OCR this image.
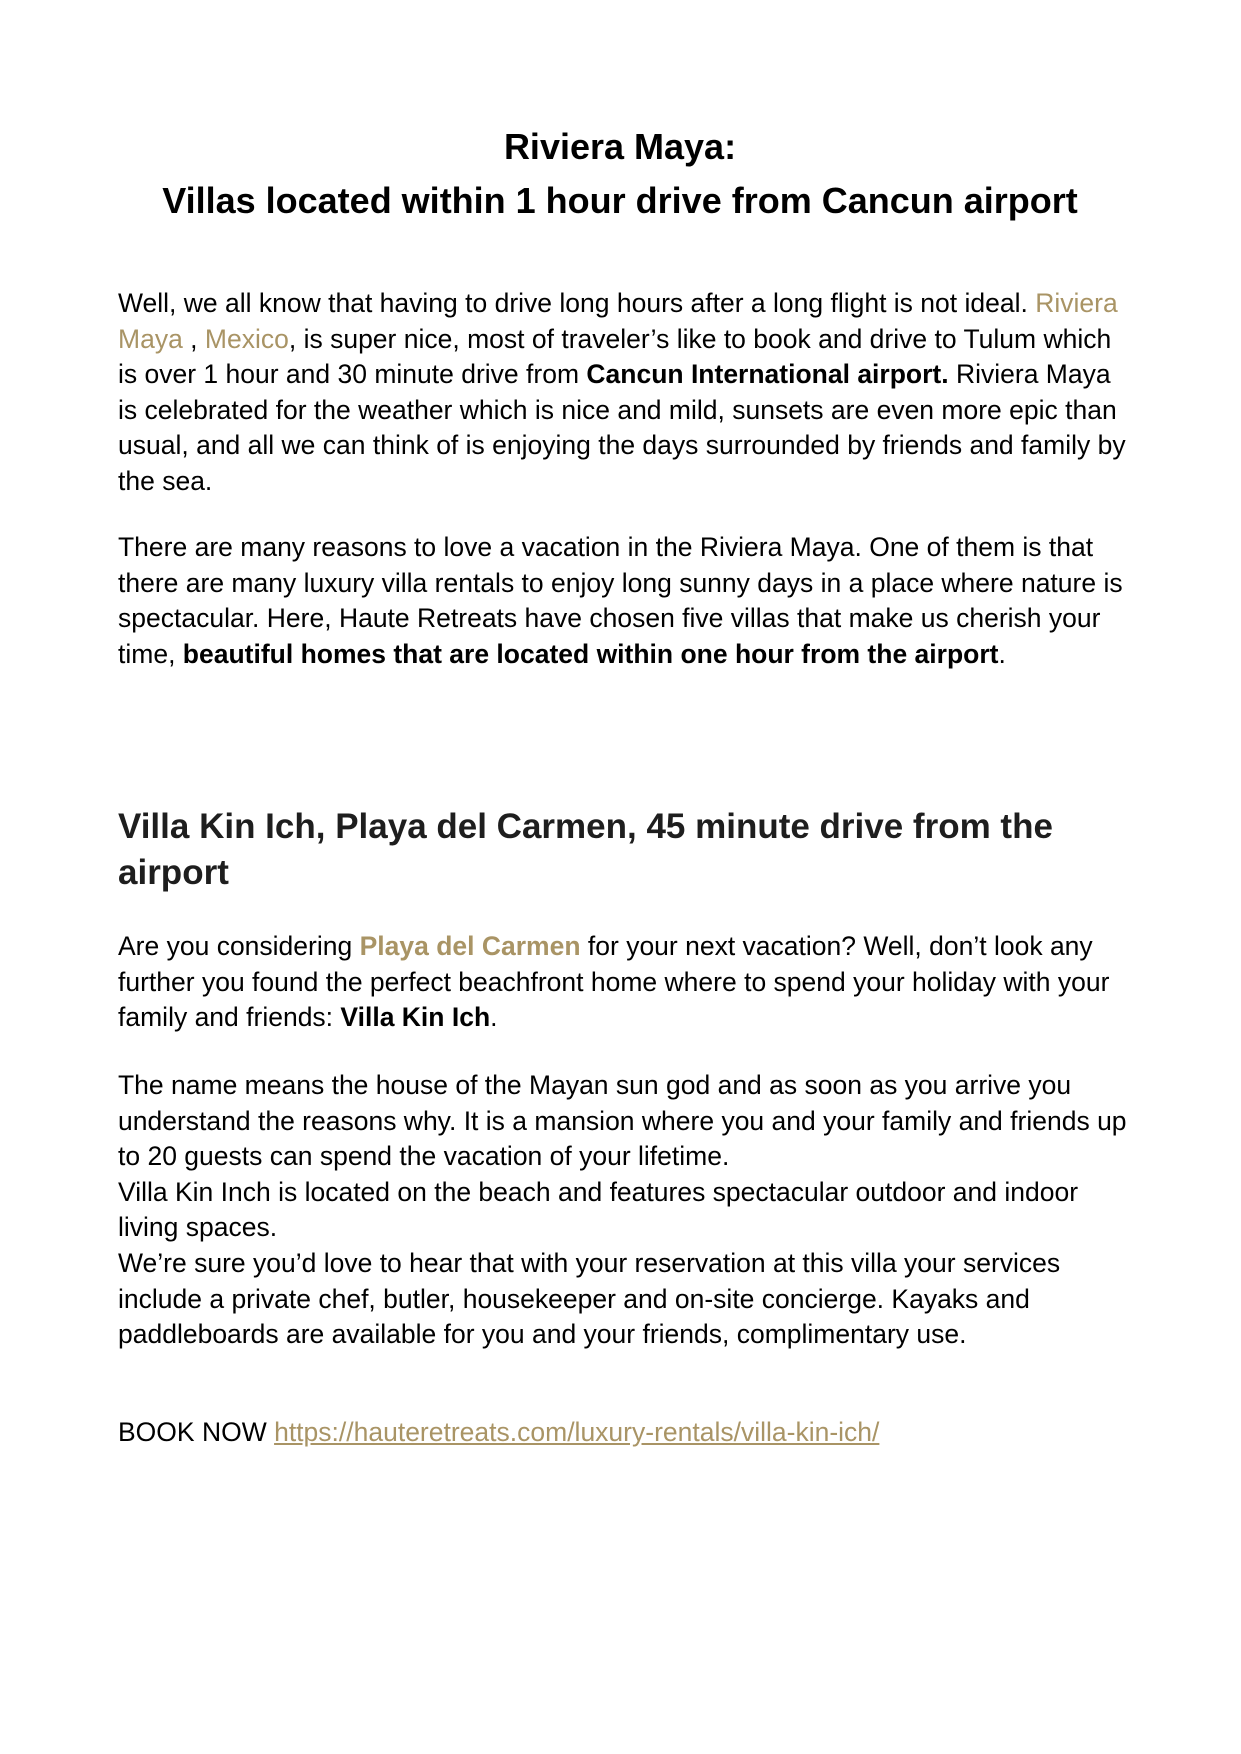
Riviera Maya:
Villas located within 1 hour drive from Cancun airport

Well, we all know that having to drive long hours after a long flight is not ideal. Riviera Maya , Mexico, is super nice, most of traveler’s like to book and drive to Tulum which is over 1 hour and 30 minute drive from Cancun International airport. Riviera Maya is celebrated for the weather which is nice and mild, sunsets are even more epic than usual, and all we can think of is enjoying the days surrounded by friends and family by the sea.

There are many reasons to love a vacation in the Riviera Maya. One of them is that there are many luxury villa rentals to enjoy long sunny days in a place where nature is spectacular. Here, Haute Retreats have chosen five villas that make us cherish your time, beautiful homes that are located within one hour from the airport.

Villa Kin Ich, Playa del Carmen, 45 minute drive from the airport

Are you considering Playa del Carmen for your next vacation? Well, don’t look any further you found the perfect beachfront home where to spend your holiday with your family and friends: Villa Kin Ich.

The name means the house of the Mayan sun god and as soon as you arrive you understand the reasons why. It is a mansion where you and your family and friends up to 20 guests can spend the vacation of your lifetime.
Villa Kin Inch is located on the beach and features spectacular outdoor and indoor living spaces.
We’re sure you’d love to hear that with your reservation at this villa your services include a private chef, butler, housekeeper and on-site concierge. Kayaks and paddleboards are available for you and your friends, complimentary use.

BOOK NOW https://hauteretreats.com/luxury-rentals/villa-kin-ich/
